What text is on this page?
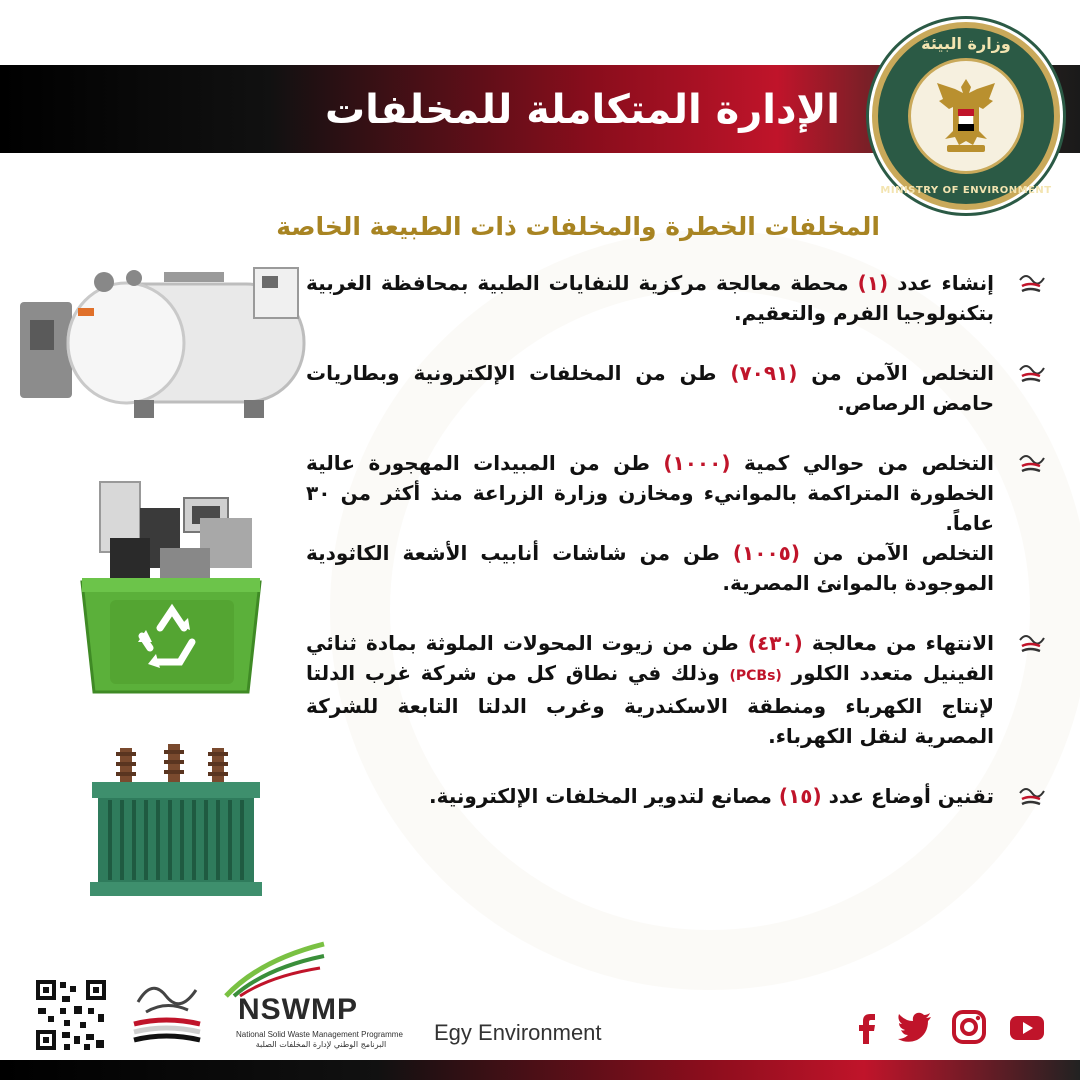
الإدارة المتكاملة للمخلفات
وزارة البيئة
MINISTRY OF ENVIRONMENT
المخلفات الخطرة والمخلفات ذات الطبيعة الخاصة

إنشاء عدد (١) محطة معالجة مركزية للنفايات الطبية بمحافظة الغربية بتكنولوجيا الفرم والتعقيم.

التخلص الآمن من (٧٠٩١) طن من المخلفات الإلكترونية وبطاريات حامض الرصاص.

التخلص من حوالي كمية (١٠٠٠) طن من المبيدات المهجورة عالية الخطورة المتراكمة بالموانيء ومخازن وزارة الزراعة منذ أكثر من ٣٠ عاماً.

التخلص الآمن من (١٠٠٥) طن من شاشات أنابيب الأشعة الكاثودية الموجودة بالموانئ المصرية.

الانتهاء من معالجة (٤٣٠) طن من زيوت المحولات الملوثة بمادة ثنائي الفينيل متعدد الكلور (PCBs) وذلك في نطاق كل من شركة غرب الدلتا لإنتاج الكهرباء ومنطقة الاسكندرية وغرب الدلتا التابعة للشركة المصرية لنقل الكهرباء.

تقنين أوضاع عدد (١٥) مصانع لتدوير المخلفات الإلكترونية.

NSWMP
National Solid Waste Management Programme
البرنامج الوطني لإدارة المخلفات الصلبة	Egy Environment
